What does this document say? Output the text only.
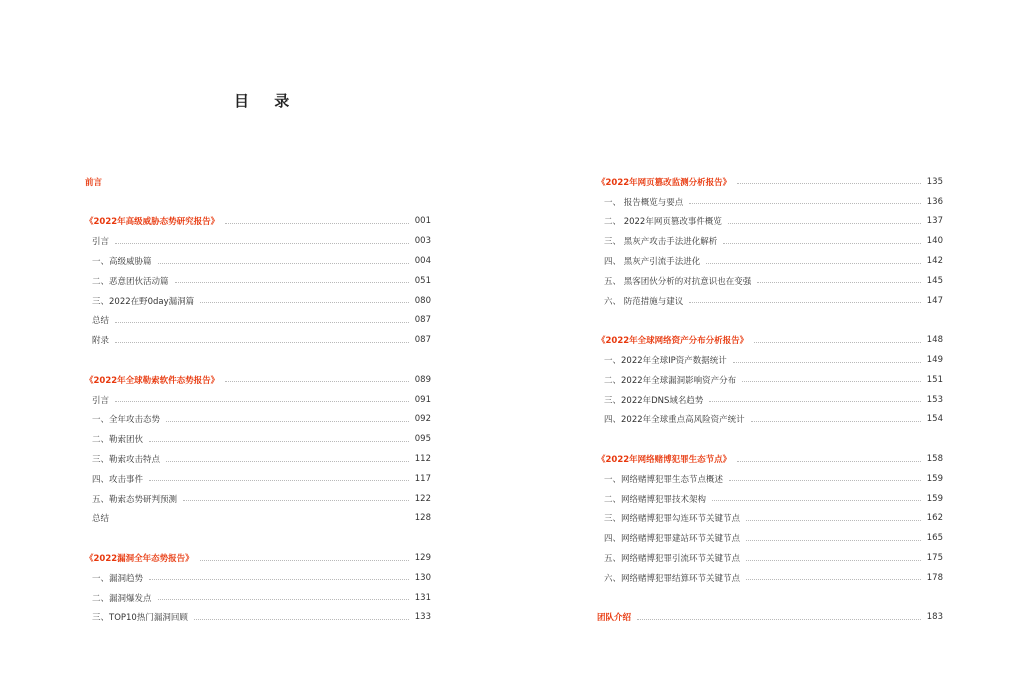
目 录
前言
《2022年高级威胁态势研究报告》	001
引言	003
一、高级威胁篇	004
二、恶意团伙活动篇	051
三、2022在野0day漏洞篇	080
总结	087
附录	087
《2022年全球勒索软件态势报告》	089
引言	091
一、全年攻击态势	092
二、勒索团伙	095
三、勒索攻击特点	112
四、攻击事件	117
五、勒索态势研判预测	122
总结	128
《2022漏洞全年态势报告》	129
一、漏洞趋势	130
二、漏洞爆发点	131
三、TOP10热门漏洞回顾	133
《2022年网页篡改监测分析报告》	135
一、 报告概览与要点	136
二、 2022年网页篡改事件概览	137
三、 黑灰产攻击手法进化解析	140
四、 黑灰产引流手法进化	142
五、 黑客团伙分析的对抗意识也在变强	145
六、 防范措施与建议	147
《2022年全球网络资产分布分析报告》	148
一、2022年全球IP资产数据统计	149
二、2022年全球漏洞影响资产分布	151
三、2022年DNS域名趋势	153
四、2022年全球重点高风险资产统计	154
《2022年网络赌博犯罪生态节点》	158
一、网络赌博犯罪生态节点概述	159
二、网络赌博犯罪技术架构	159
三、网络赌博犯罪勾连环节关键节点	162
四、网络赌博犯罪建站环节关键节点	165
五、网络赌博犯罪引流环节关键节点	175
六、网络赌博犯罪结算环节关键节点	178
团队介绍	183
